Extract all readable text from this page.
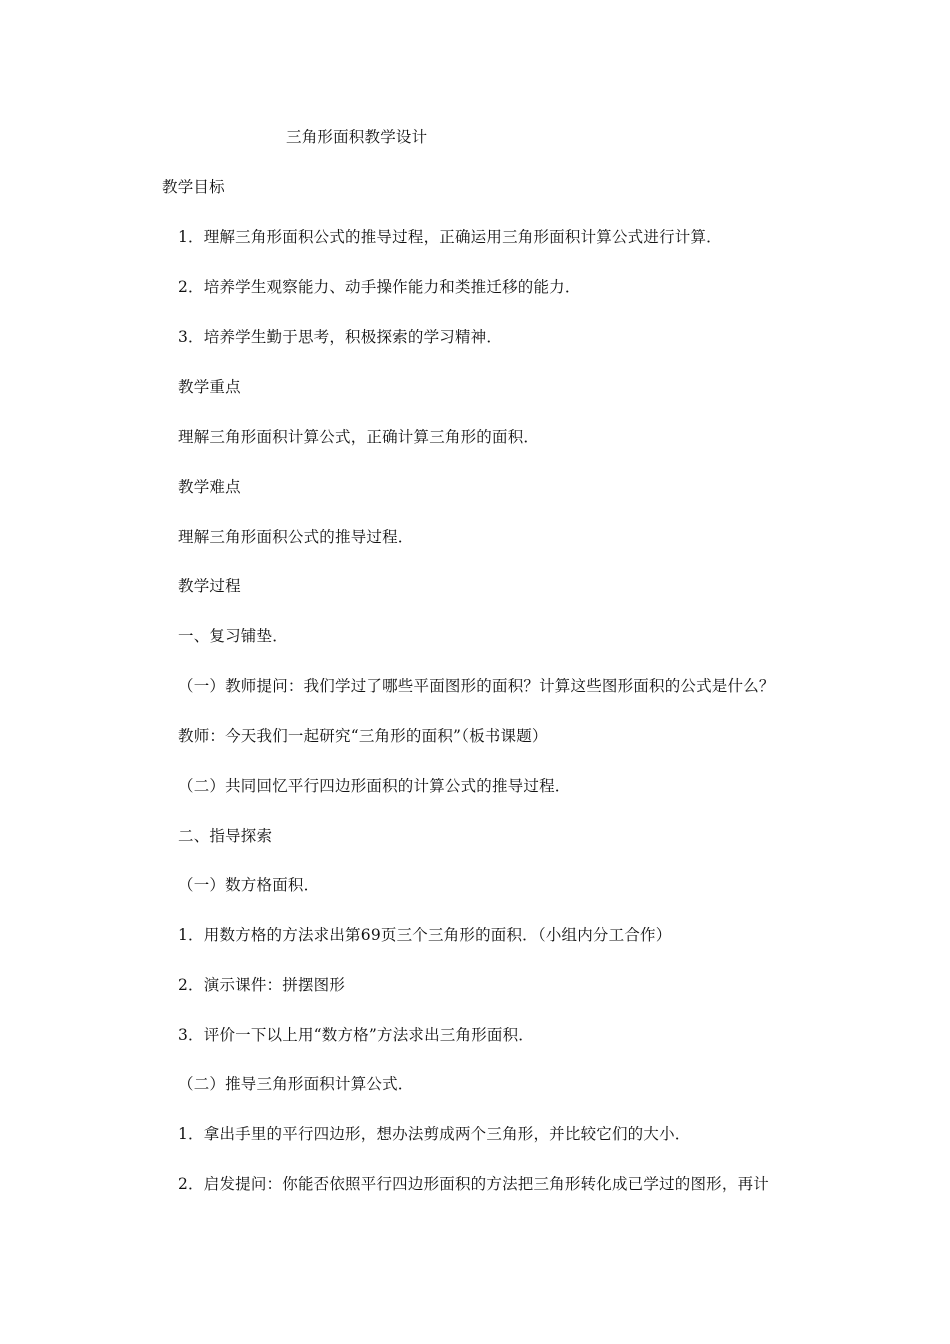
三角形面积教学设计
教学目标
1．理解三角形面积公式的推导过程，正确运用三角形面积计算公式进行计算．
2．培养学生观察能力、动手操作能力和类推迁移的能力．
3．培养学生勤于思考，积极探索的学习精神．
教学重点
理解三角形面积计算公式，正确计算三角形的面积．
教学难点
理解三角形面积公式的推导过程．
教学过程
一、复习铺垫．
（一）教师提问：我们学过了哪些平面图形的面积？计算这些图形面积的公式是什么？
教师：今天我们一起研究“三角形的面积”（板书课题）
（二）共同回忆平行四边形面积的计算公式的推导过程．
二、指导探索
（一）数方格面积．
1．用数方格的方法求出第69页三个三角形的面积．（小组内分工合作）
2．演示课件：拼摆图形
3．评价一下以上用“数方格”方法求出三角形面积．
（二）推导三角形面积计算公式．
1．拿出手里的平行四边形，想办法剪成两个三角形，并比较它们的大小．
2．启发提问：你能否依照平行四边形面积的方法把三角形转化成已学过的图形，再计
